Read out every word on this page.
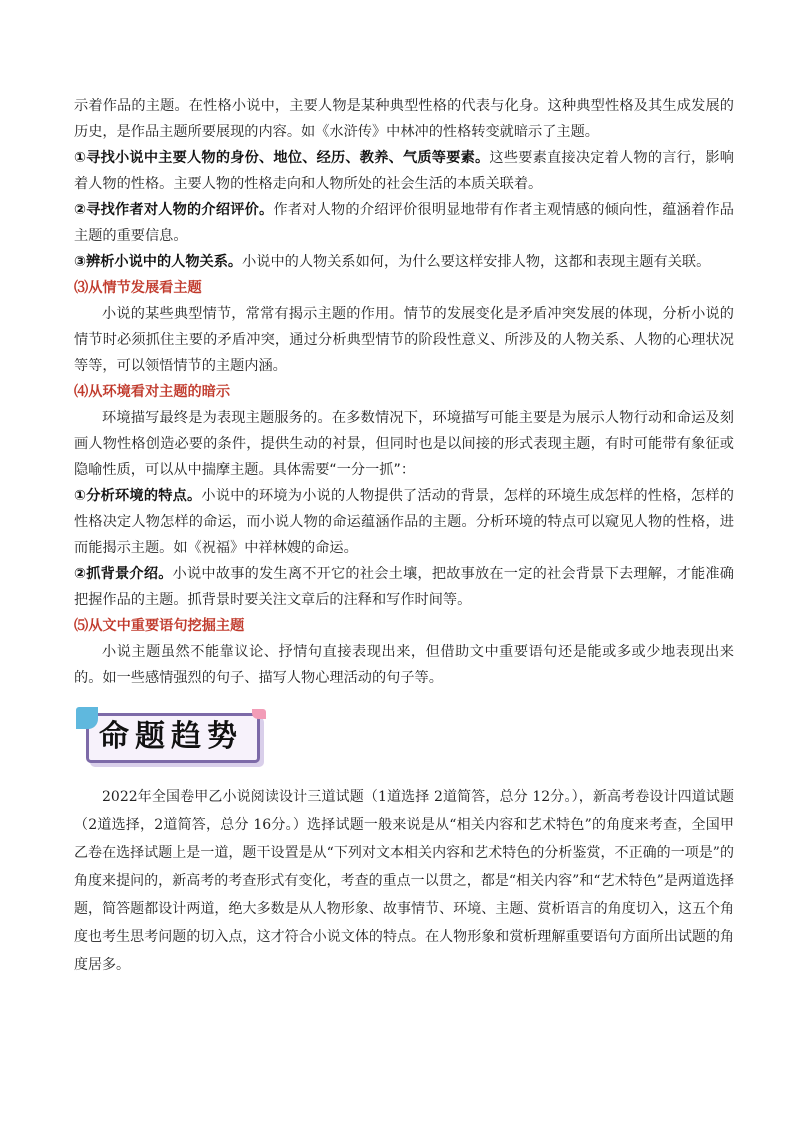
示着作品的主题。在性格小说中，主要人物是某种典型性格的代表与化身。这种典型性格及其生成发展的历史，是作品主题所要展现的内容。如《水浒传》中林冲的性格转变就暗示了主题。

①寻找小说中主要人物的身份、地位、经历、教养、气质等要素。这些要素直接决定着人物的言行，影响着人物的性格。主要人物的性格走向和人物所处的社会生活的本质关联着。

②寻找作者对人物的介绍评价。作者对人物的介绍评价很明显地带有作者主观情感的倾向性，蕴涵着作品主题的重要信息。

③辨析小说中的人物关系。小说中的人物关系如何，为什么要这样安排人物，这都和表现主题有关联。

⑶从情节发展看主题

小说的某些典型情节，常常有揭示主题的作用。情节的发展变化是矛盾冲突发展的体现，分析小说的情节时必须抓住主要的矛盾冲突，通过分析典型情节的阶段性意义、所涉及的人物关系、人物的心理状况等等，可以领悟情节的主题内涵。

⑷从环境看对主题的暗示

环境描写最终是为表现主题服务的。在多数情况下，环境描写可能主要是为展示人物行动和命运及刻画人物性格创造必要的条件，提供生动的衬景，但同时也是以间接的形式表现主题，有时可能带有象征或隐喻性质，可以从中揣摩主题。具体需要“一分一抓”：

①分析环境的特点。小说中的环境为小说的人物提供了活动的背景，怎样的环境生成怎样的性格，怎样的性格决定人物怎样的命运，而小说人物的命运蕴涵作品的主题。分析环境的特点可以窥见人物的性格，进而能揭示主题。如《祝福》中祥林嫂的命运。

②抓背景介绍。小说中故事的发生离不开它的社会土壤，把故事放在一定的社会背景下去理解，才能准确把握作品的主题。抓背景时要关注文章后的注释和写作时间等。

⑸从文中重要语句挖掘主题

小说主题虽然不能靠议论、抒情句直接表现出来，但借助文中重要语句还是能或多或少地表现出来的。如一些感情强烈的句子、描写人物心理活动的句子等。

命题趋势

2022年全国卷甲乙小说阅读设计三道试题（1道选择 2道简答，总分 12分。），新高考卷设计四道试题（2道选择，2道简答，总分 16分。）选择试题一般来说是从“相关内容和艺术特色”的角度来考查，全国甲乙卷在选择试题上是一道，题干设置是从“下列对文本相关内容和艺术特色的分析鉴赏，不正确的一项是”的角度来提问的，新高考的考查形式有变化，考查的重点一以贯之，都是“相关内容”和“艺术特色”是两道选择题，简答题都设计两道，绝大多数是从人物形象、故事情节、环境、主题、赏析语言的角度切入，这五个角度也考生思考问题的切入点，这才符合小说文体的特点。在人物形象和赏析理解重要语句方面所出试题的角度居多。
